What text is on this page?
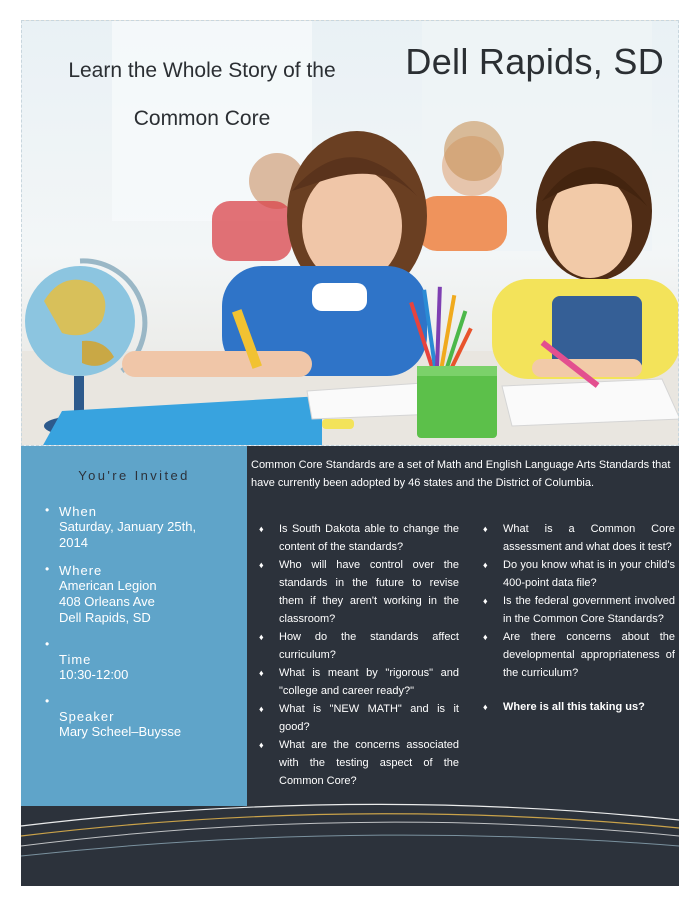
Learn the Whole Story of the
Common Core
Dell Rapids, SD
You're Invited
• When
Saturday, January 25th,
2014
• Where
American Legion
408 Orleans Ave
Dell Rapids, SD
• Time
10:30-12:00
• Speaker
Mary Scheel–Buysse
Common Core Standards are a set of Math and English Language Arts Standards that have currently been adopted by 46 states and the District of Columbia.
♦ Is South Dakota able to change the content of the standards?
♦ Who will have control over the standards in the future to revise them if they aren't working in the classroom?
♦ How do the standards affect curriculum?
♦ What is meant by "rigorous" and "college and career ready?"
♦ What is "NEW MATH" and is it good?
♦ What are the concerns associated with the testing aspect of the Common Core?
♦ What is a Common Core assessment and what does it test?
♦ Do you know what is in your child's 400-point data file?
♦ Is the federal government involved in the Common Core Standards?
♦ Are there concerns about the developmental appropriateness of the curriculum?
♦ Where is all this taking us?
